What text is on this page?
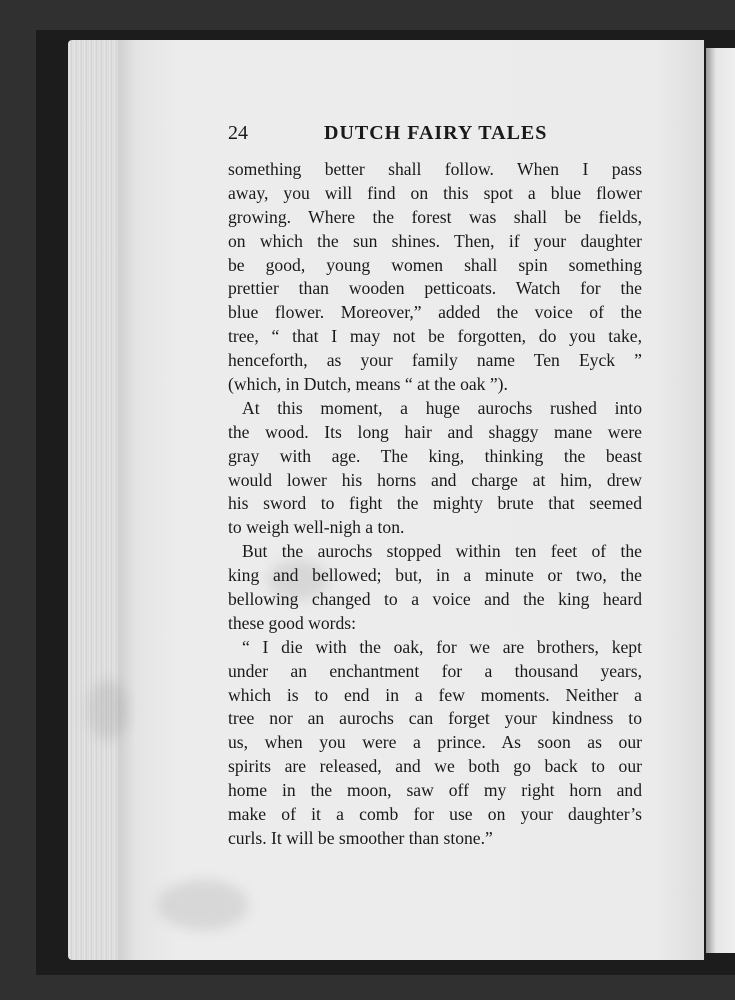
24	DUTCH FAIRY TALES
something better shall follow. When I pass
away, you will find on this spot a blue flower
growing. Where the forest was shall be fields,
on which the sun shines. Then, if your daughter
be good, young women shall spin something
prettier than wooden petticoats. Watch for the
blue flower. Moreover,” added the voice of the
tree, “ that I may not be forgotten, do you take,
henceforth, as your family name Ten Eyck ”
(which, in Dutch, means “ at the oak ”).
At this moment, a huge aurochs rushed into
the wood. Its long hair and shaggy mane were
gray with age. The king, thinking the beast
would lower his horns and charge at him, drew
his sword to fight the mighty brute that seemed
to weigh well-nigh a ton.
But the aurochs stopped within ten feet of the
king and bellowed; but, in a minute or two, the
bellowing changed to a voice and the king heard
these good words:
“ I die with the oak, for we are brothers, kept
under an enchantment for a thousand years,
which is to end in a few moments. Neither a
tree nor an aurochs can forget your kindness to
us, when you were a prince. As soon as our
spirits are released, and we both go back to our
home in the moon, saw off my right horn and
make of it a comb for use on your daughter’s
curls. It will be smoother than stone.”
